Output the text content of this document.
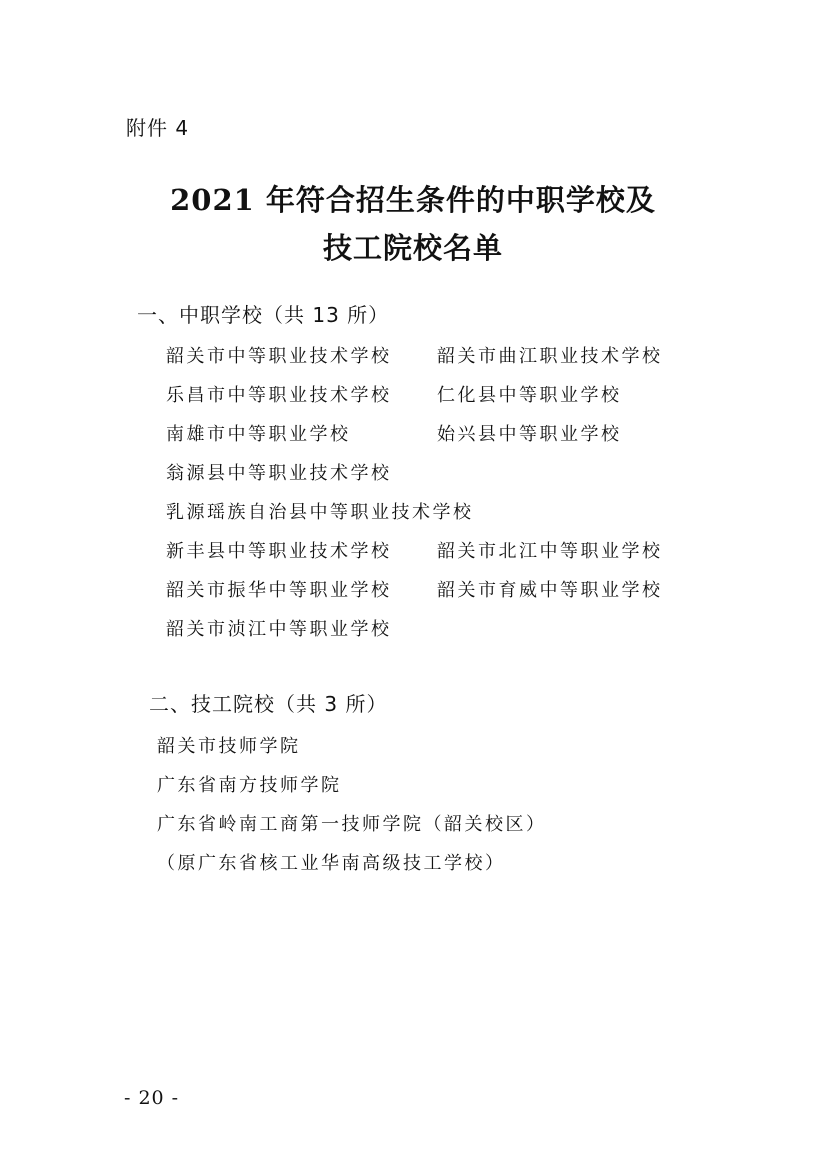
附件 4
2021 年符合招生条件的中职学校及
技工院校名单
一、中职学校（共 13 所）
韶关市中等职业技术学校	韶关市曲江职业技术学校
乐昌市中等职业技术学校	仁化县中等职业学校
南雄市中等职业学校	始兴县中等职业学校
翁源县中等职业技术学校
乳源瑶族自治县中等职业技术学校
新丰县中等职业技术学校	韶关市北江中等职业学校
韶关市振华中等职业学校	韶关市育威中等职业学校
韶关市浈江中等职业学校
二、技工院校（共 3 所）
韶关市技师学院
广东省南方技师学院
广东省岭南工商第一技师学院（韶关校区）
（原广东省核工业华南高级技工学校）
- 20 -
